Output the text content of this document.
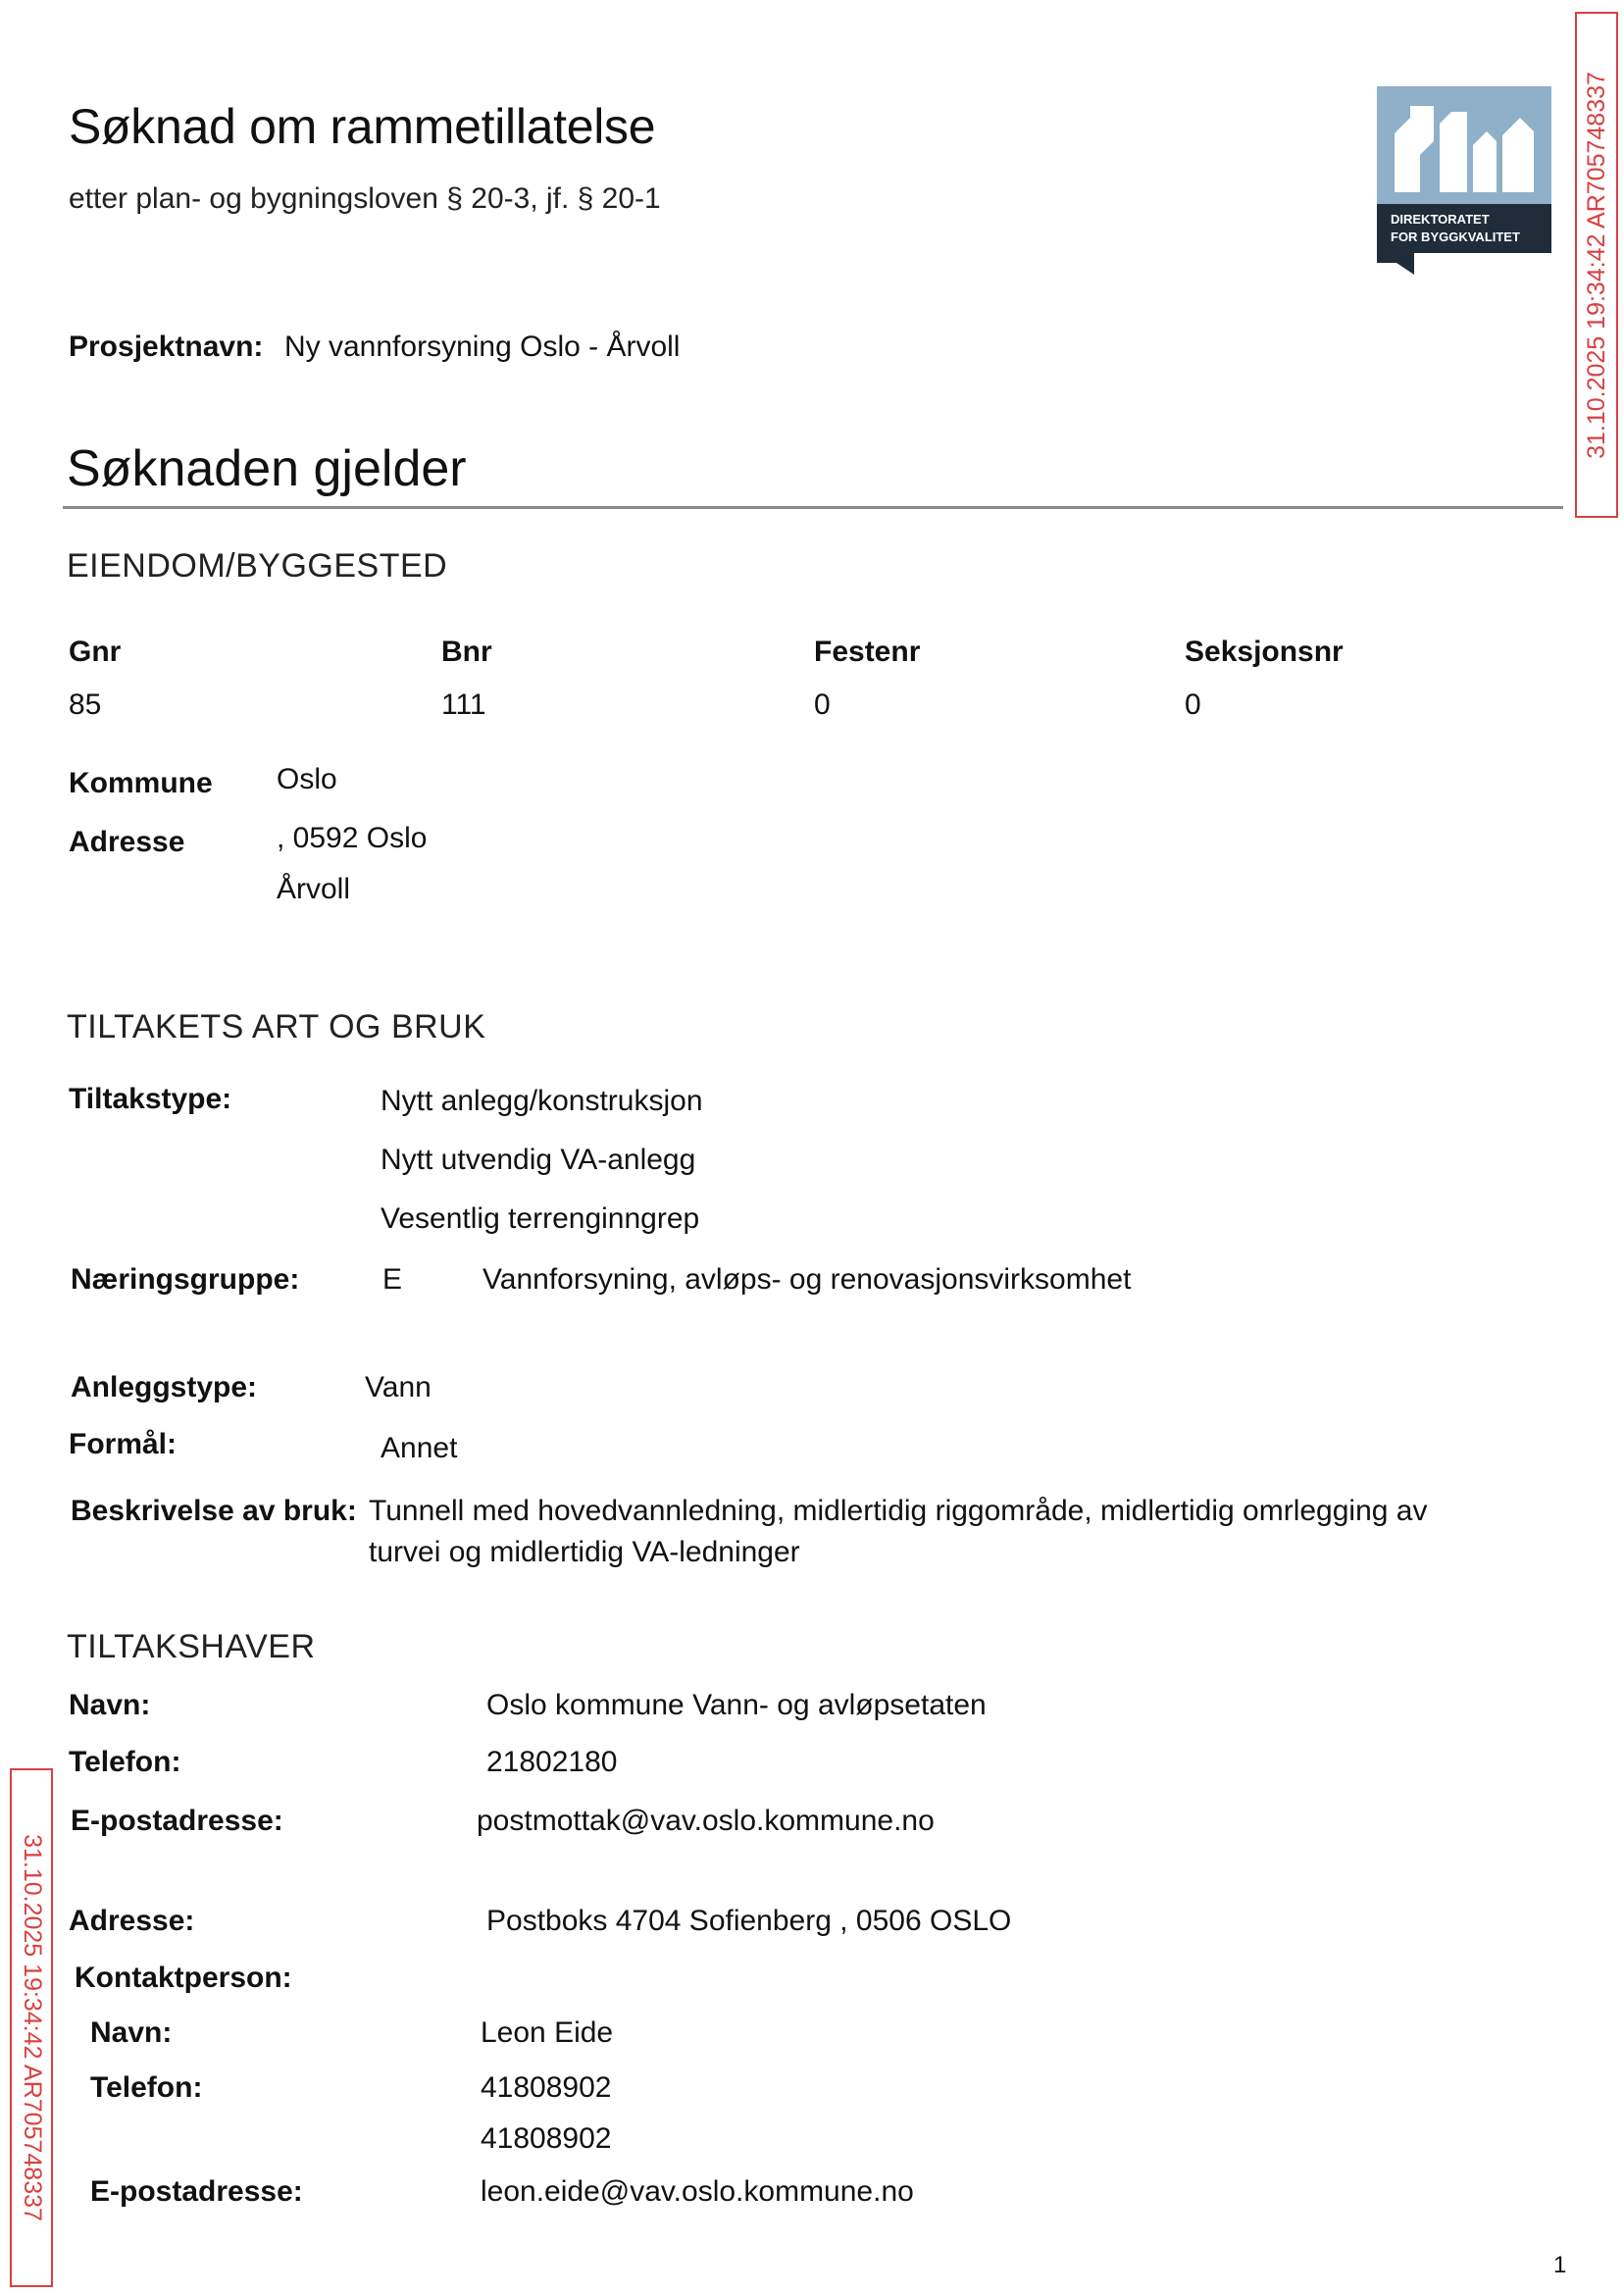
Søknad om rammetillatelse
etter plan- og bygningsloven § 20-3, jf. § 20-1
Prosjektnavn: Ny vannforsyning Oslo - Årvoll
DIREKTORATET
FOR BYGGKVALITET	31.10.2025 19:34:42 AR705748337
31.10.2025 19:34:42 AR705748337
Søknaden gjelder
EIENDOM/BYGGESTED
Gnr	Bnr	Festenr	Seksjonsnr
85	111	0	0
Kommune Oslo
Adresse	, 0592 Oslo
Årvoll
TILTAKETS ART OG BRUK
Tiltakstype:	Nytt anlegg/konstruksjon
Nytt utvendig VA-anlegg
Vesentlig terrenginngrep
Næringsgruppe:	E	Vannforsyning, avløps- og renovasjonsvirksomhet
Anleggstype:	Vann
Formål:	Annet
Beskrivelse av bruk: Tunnell med hovedvannledning, midlertidig riggområde, midlertidig omrlegging av
turvei og midlertidig VA-ledninger
TILTAKSHAVER
Navn:	Oslo kommune Vann- og avløpsetaten
Telefon:	21802180
E-postadresse:	postmottak@vav.oslo.kommune.no
Adresse:	Postboks 4704 Sofienberg , 0506 OSLO
Kontaktperson:
Navn:	Leon Eide
Telefon:	41808902
41808902
E-postadresse:	leon.eide@vav.oslo.kommune.no
1
